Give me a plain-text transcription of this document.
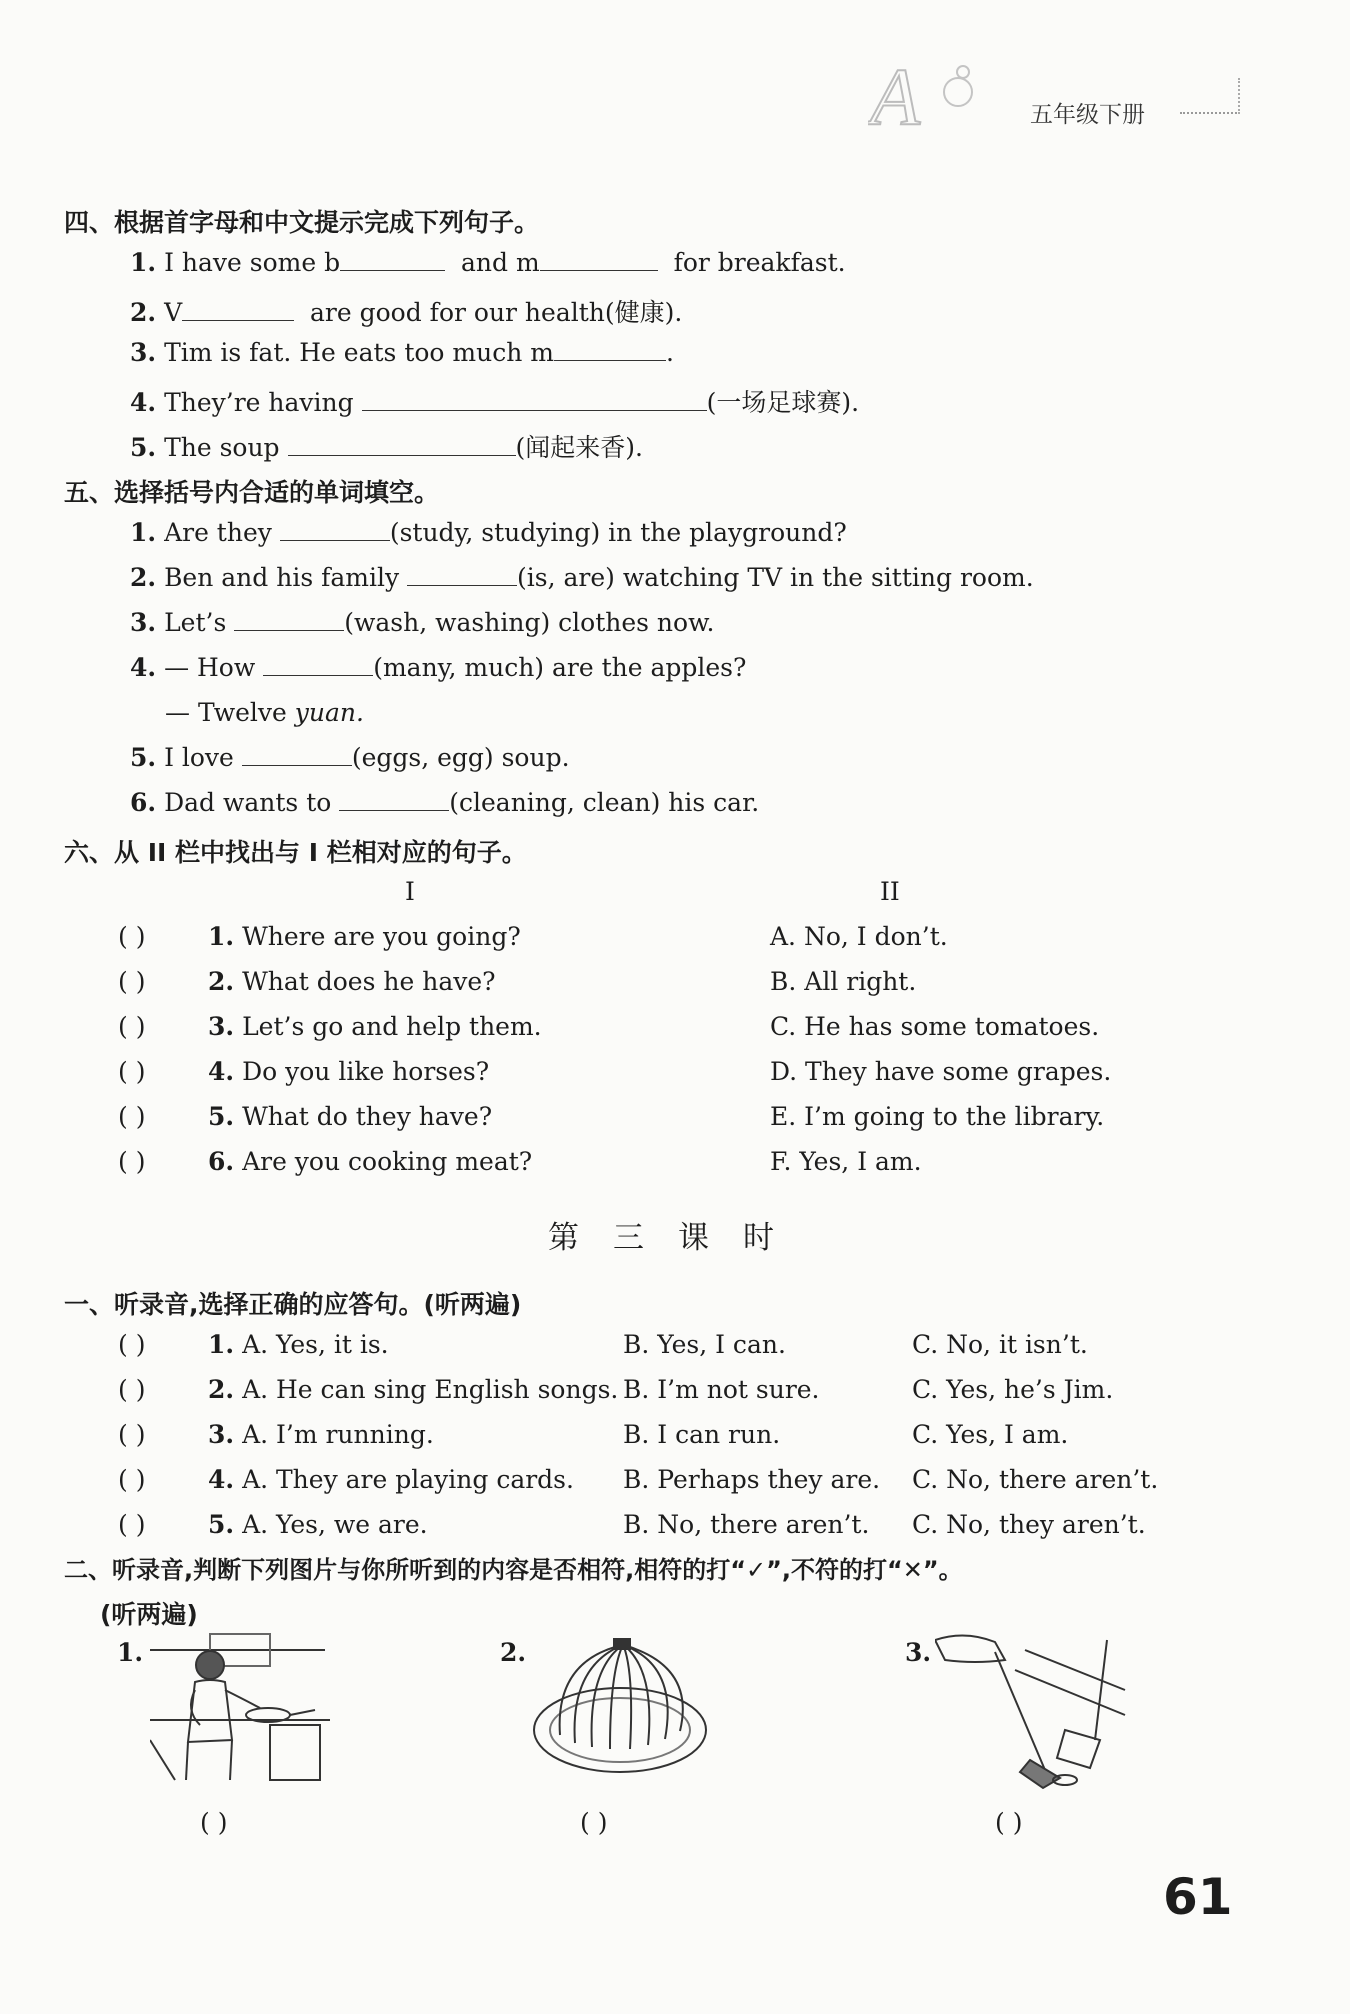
A	五年级下册
四、根据首字母和中文提示完成下列句子。
1. I have some b	and m	for breakfast.
2. V	are good for our health(健康).
3. Tim is fat. He eats too much m	.
4. They’re having	(一场足球赛).
5. The soup	(闻起来香).
五、选择括号内合适的单词填空。
1. Are they	(study, studying) in the playground?
2. Ben and his family	(is, are) watching TV in the sitting room.
3. Let’s	(wash, washing) clothes now.
4. — How	(many, much) are the apples?
— Twelve yuan.
5. I love	(eggs, egg) soup.
6. Dad wants to	(cleaning, clean) his car.
六、从 II 栏中找出与 I 栏相对应的句子。
I	II
( )	1. Where are you going?	A. No, I don’t.
( )	2. What does he have?	B. All right.
( )	3. Let’s go and help them.	C. He has some tomatoes.
( )	4. Do you like horses?	D. They have some grapes.
( )	5. What do they have?	E. I’m going to the library.
( )	6. Are you cooking meat?	F. Yes, I am.
第三课时
一、听录音,选择正确的应答句。(听两遍)
( )	1. A. Yes, it is.	B. Yes, I can.	C. No, it isn’t.
( )	2. A. He can sing English songs. B. I’m not sure.	C. Yes, he’s Jim.
( )	3. A. I’m running.	B. I can run.	C. Yes, I am.
( )	4. A. They are playing cards. B. Perhaps they are. C. No, there aren’t.
( )	5. A. Yes, we are.	B. No, there aren’t. C. No, they aren’t.
二、听录音,判断下列图片与你所听到的内容是否相符,相符的打“✓”,不符的打“✕”。
(听两遍)
1.
( )
2.
( )
3.
( )
61
